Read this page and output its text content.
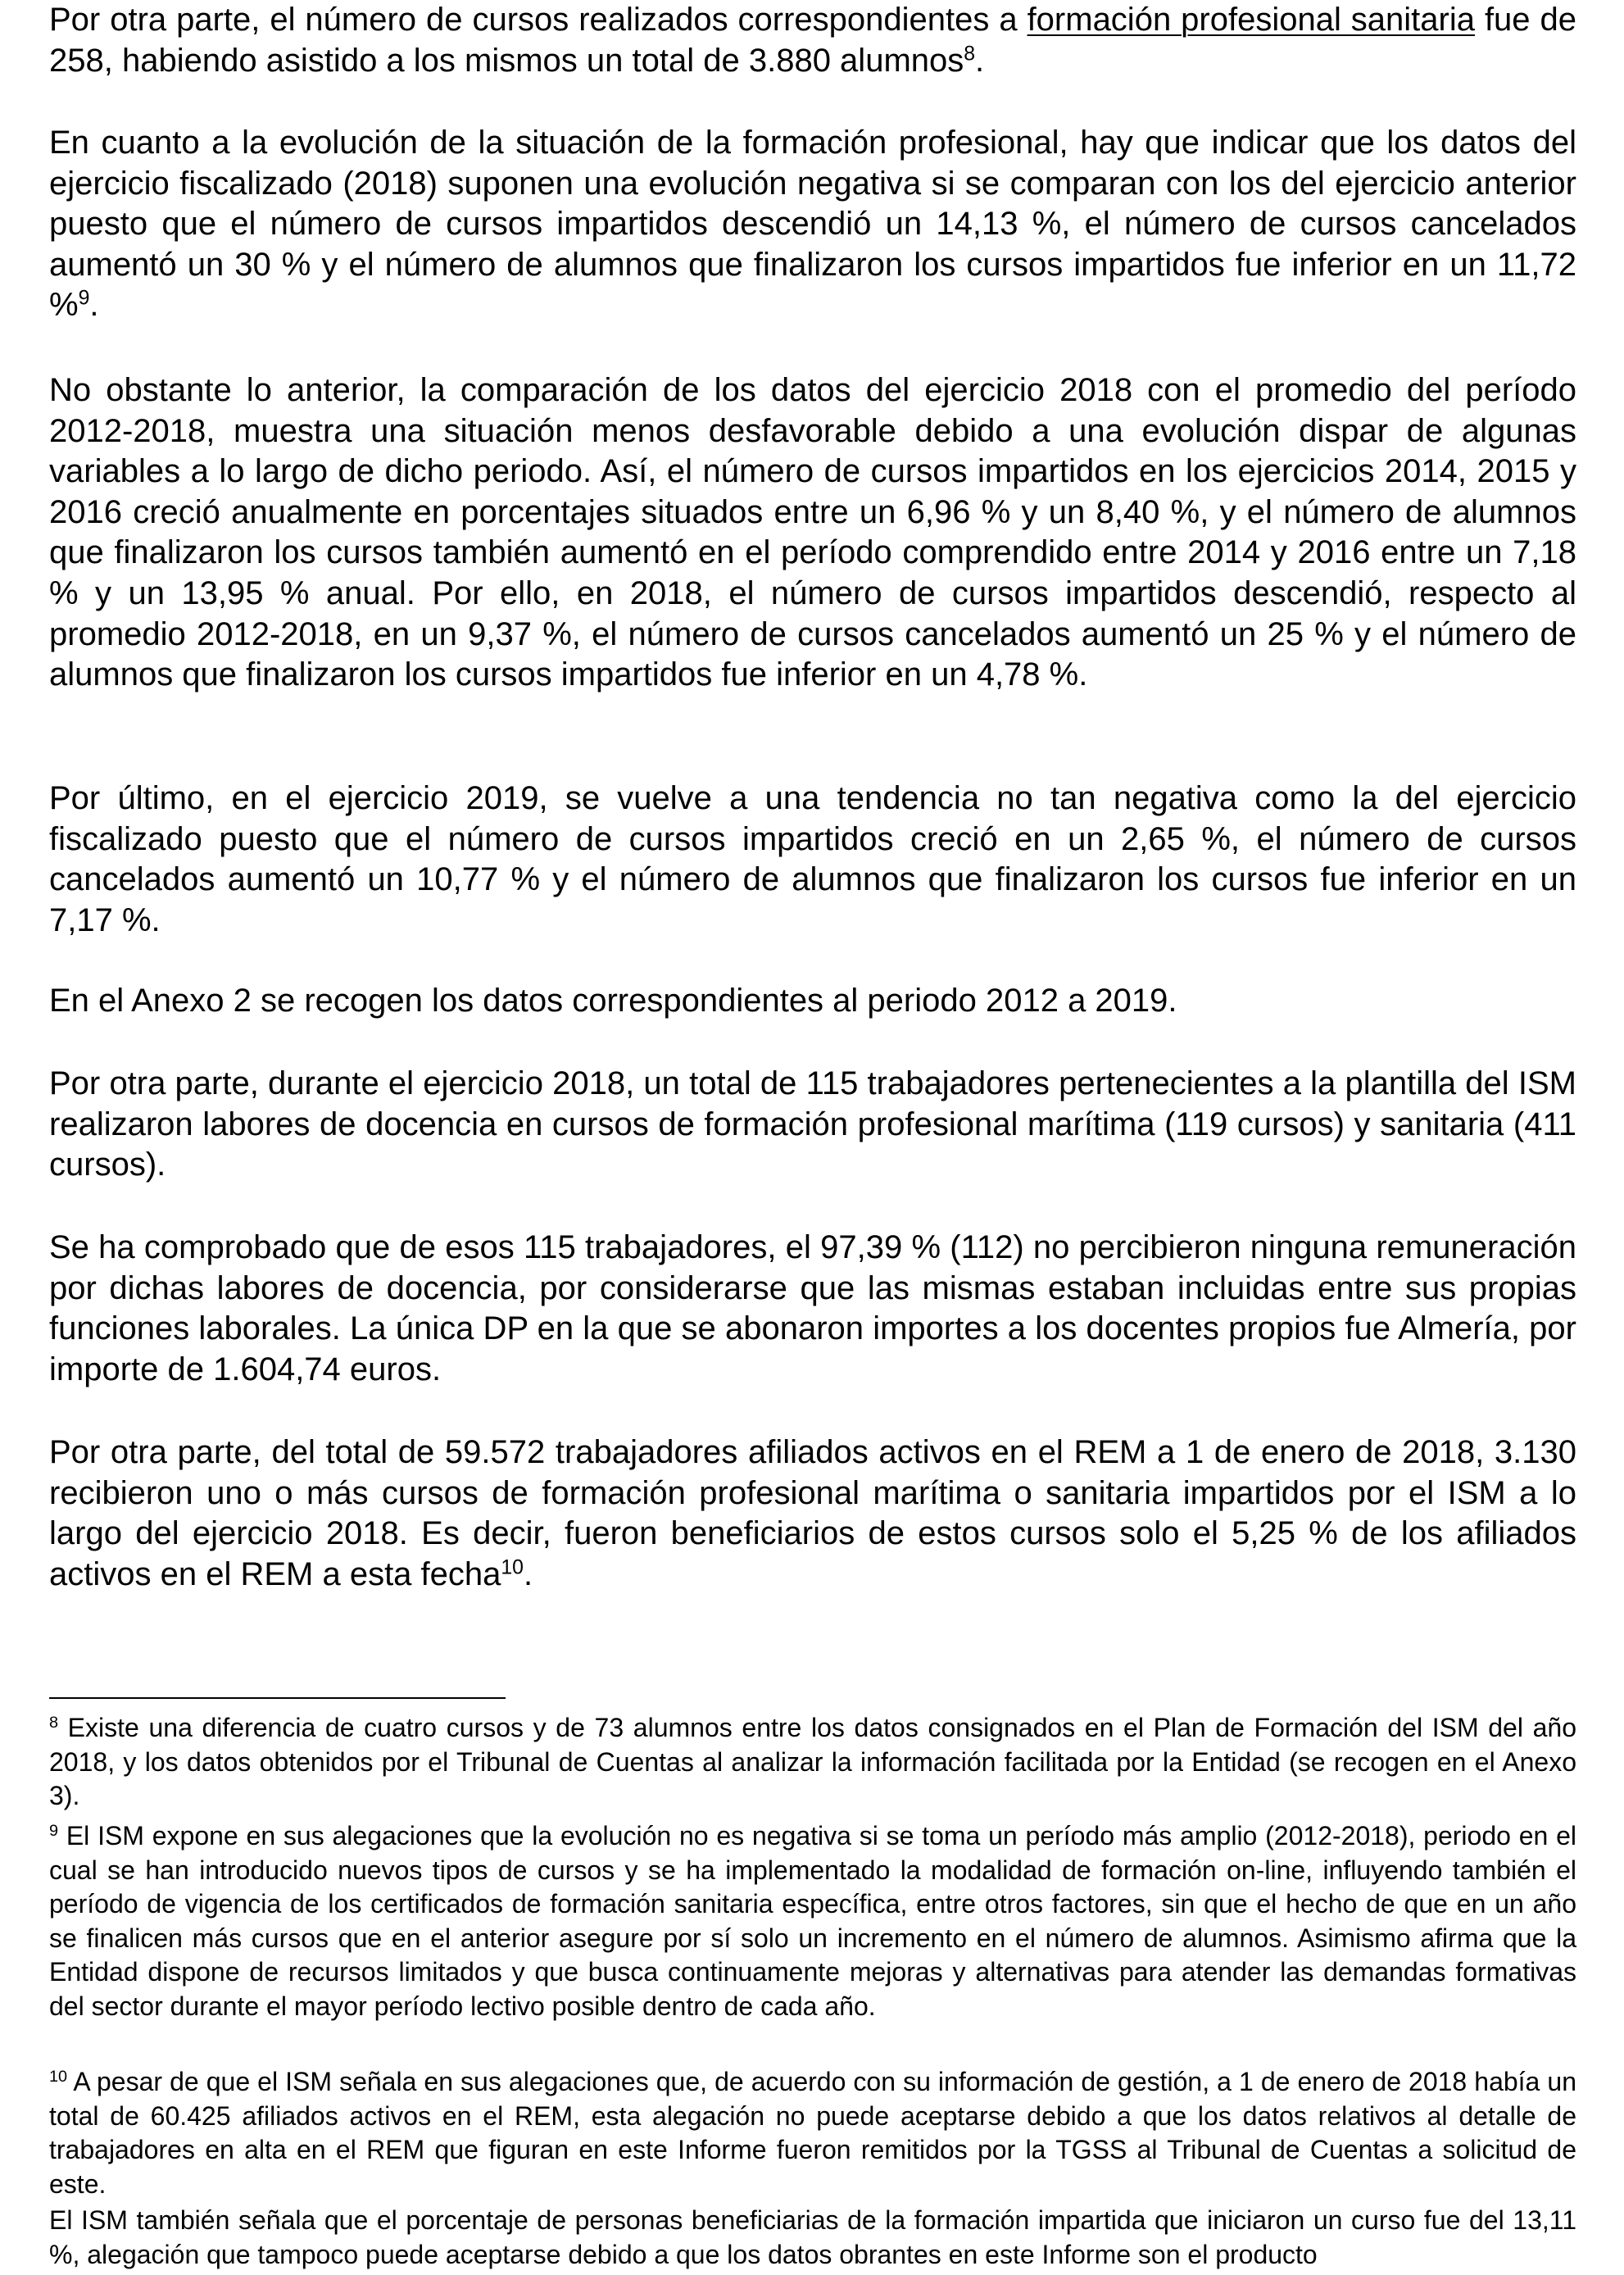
Por otra parte, el número de cursos realizados correspondientes a formación profesional sanitaria fue de 258, habiendo asistido a los mismos un total de 3.880 alumnos$^8$.

En cuanto a la evolución de la situación de la formación profesional, hay que indicar que los datos del ejercicio fiscalizado (2018) suponen una evolución negativa si se comparan con los del ejercicio anterior puesto que el número de cursos impartidos descendió un 14,13 %, el número de cursos cancelados aumentó un 30 % y el número de alumnos que finalizaron los cursos impartidos fue inferior en un 11,72 %$^9$.

No obstante lo anterior, la comparación de los datos del ejercicio 2018 con el promedio del período 2012-2018, muestra una situación menos desfavorable debido a una evolución dispar de algunas variables a lo largo de dicho periodo. Así, el número de cursos impartidos en los ejercicios 2014, 2015 y 2016 creció anualmente en porcentajes situados entre un 6,96 % y un 8,40 %, y el número de alumnos que finalizaron los cursos también aumentó en el período comprendido entre 2014 y 2016 entre un 7,18 % y un 13,95 % anual. Por ello, en 2018, el número de cursos impartidos descendió, respecto al promedio 2012-2018, en un 9,37 %, el número de cursos cancelados aumentó un 25 % y el número de alumnos que finalizaron los cursos impartidos fue inferior en un 4,78 %.

Por último, en el ejercicio 2019, se vuelve a una tendencia no tan negativa como la del ejercicio fiscalizado puesto que el número de cursos impartidos creció en un 2,65 %, el número de cursos cancelados aumentó un 10,77 % y el número de alumnos que finalizaron los cursos fue inferior en un 7,17 %.

En el Anexo 2 se recogen los datos correspondientes al periodo 2012 a 2019.

Por otra parte, durante el ejercicio 2018, un total de 115 trabajadores pertenecientes a la plantilla del ISM realizaron labores de docencia en cursos de formación profesional marítima (119 cursos) y sanitaria (411 cursos).

Se ha comprobado que de esos 115 trabajadores, el 97,39 % (112) no percibieron ninguna remuneración por dichas labores de docencia, por considerarse que las mismas estaban incluidas entre sus propias funciones laborales. La única DP en la que se abonaron importes a los docentes propios fue Almería, por importe de 1.604,74 euros.

Por otra parte, del total de 59.572 trabajadores afiliados activos en el REM a 1 de enero de 2018, 3.130 recibieron uno o más cursos de formación profesional marítima o sanitaria impartidos por el ISM a lo largo del ejercicio 2018. Es decir, fueron beneficiarios de estos cursos solo el 5,25 % de los afiliados activos en el REM a esta fecha$^{10}$.

$^8$ Existe una diferencia de cuatro cursos y de 73 alumnos entre los datos consignados en el Plan de Formación del ISM del año 2018, y los datos obtenidos por el Tribunal de Cuentas al analizar la información facilitada por la Entidad (se recogen en el Anexo 3).

$^9$ El ISM expone en sus alegaciones que la evolución no es negativa si se toma un período más amplio (2012-2018), periodo en el cual se han introducido nuevos tipos de cursos y se ha implementado la modalidad de formación on-line, influyendo también el período de vigencia de los certificados de formación sanitaria específica, entre otros factores, sin que el hecho de que en un año se finalicen más cursos que en el anterior asegure por sí solo un incremento en el número de alumnos. Asimismo afirma que la Entidad dispone de recursos limitados y que busca continuamente mejoras y alternativas para atender las demandas formativas del sector durante el mayor período lectivo posible dentro de cada año.

$^{10}$ A pesar de que el ISM señala en sus alegaciones que, de acuerdo con su información de gestión, a 1 de enero de 2018 había un total de 60.425 afiliados activos en el REM, esta alegación no puede aceptarse debido a que los datos relativos al detalle de trabajadores en alta en el REM que figuran en este Informe fueron remitidos por la TGSS al Tribunal de Cuentas a solicitud de este.

El ISM también señala que el porcentaje de personas beneficiarias de la formación impartida que iniciaron un curso fue del 13,11 %, alegación que tampoco puede aceptarse debido a que los datos obrantes en este Informe son el producto
